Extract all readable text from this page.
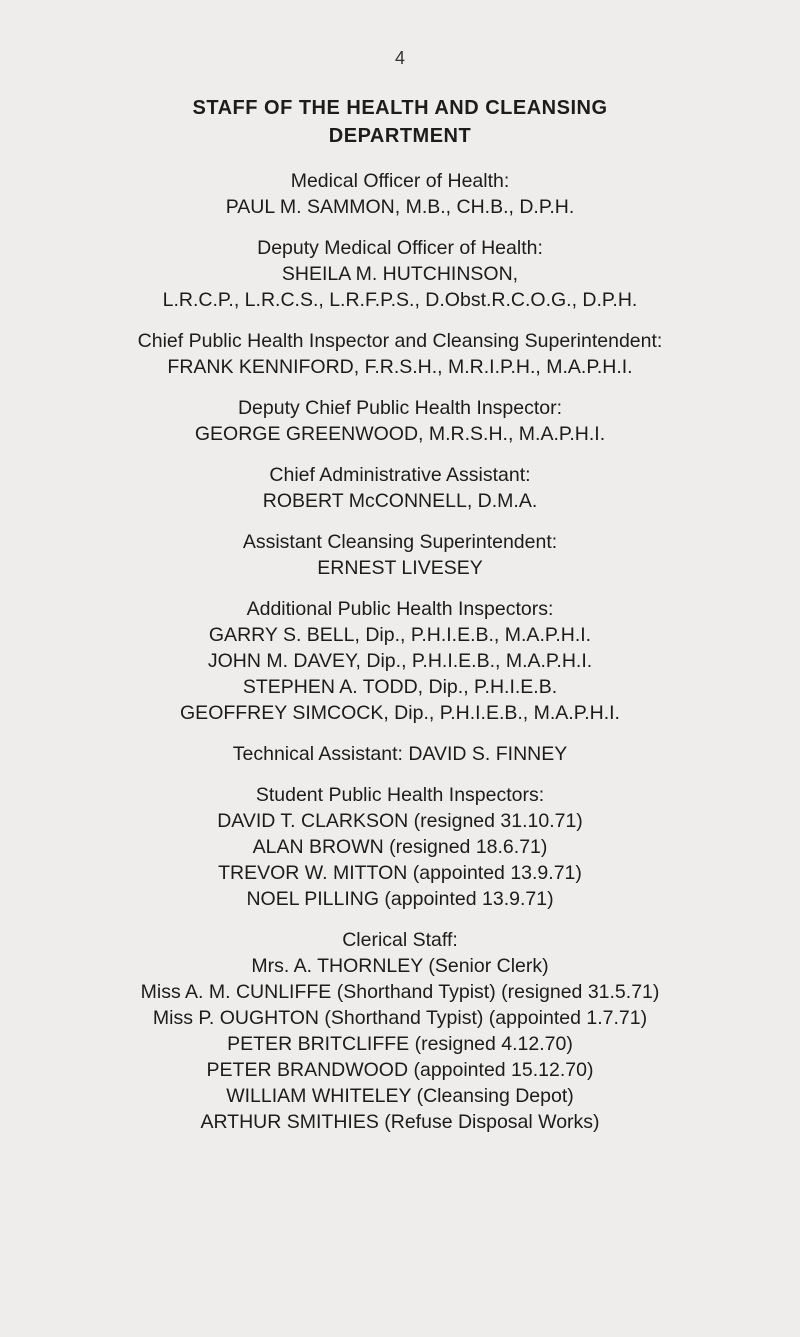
4
STAFF OF THE HEALTH AND CLEANSING
DEPARTMENT
Medical Officer of Health:
PAUL M. SAMMON, M.B., CH.B., D.P.H.
Deputy Medical Officer of Health:
SHEILA M. HUTCHINSON,
L.R.C.P., L.R.C.S., L.R.F.P.S., D.Obst.R.C.O.G., D.P.H.
Chief Public Health Inspector and Cleansing Superintendent:
FRANK KENNIFORD, F.R.S.H., M.R.I.P.H., M.A.P.H.I.
Deputy Chief Public Health Inspector:
GEORGE GREENWOOD, M.R.S.H., M.A.P.H.I.
Chief Administrative Assistant:
ROBERT McCONNELL, D.M.A.
Assistant Cleansing Superintendent:
ERNEST LIVESEY
Additional Public Health Inspectors:
GARRY S. BELL, Dip., P.H.I.E.B., M.A.P.H.I.
JOHN M. DAVEY, Dip., P.H.I.E.B., M.A.P.H.I.
STEPHEN A. TODD, Dip., P.H.I.E.B.
GEOFFREY SIMCOCK, Dip., P.H.I.E.B., M.A.P.H.I.
Technical Assistant: DAVID S. FINNEY
Student Public Health Inspectors:
DAVID T. CLARKSON (resigned 31.10.71)
ALAN BROWN (resigned 18.6.71)
TREVOR W. MITTON (appointed 13.9.71)
NOEL PILLING (appointed 13.9.71)
Clerical Staff:
Mrs. A. THORNLEY (Senior Clerk)
Miss A. M. CUNLIFFE (Shorthand Typist) (resigned 31.5.71)
Miss P. OUGHTON (Shorthand Typist) (appointed 1.7.71)
PETER BRITCLIFFE (resigned 4.12.70)
PETER BRANDWOOD (appointed 15.12.70)
WILLIAM WHITELEY (Cleansing Depot)
ARTHUR SMITHIES (Refuse Disposal Works)
